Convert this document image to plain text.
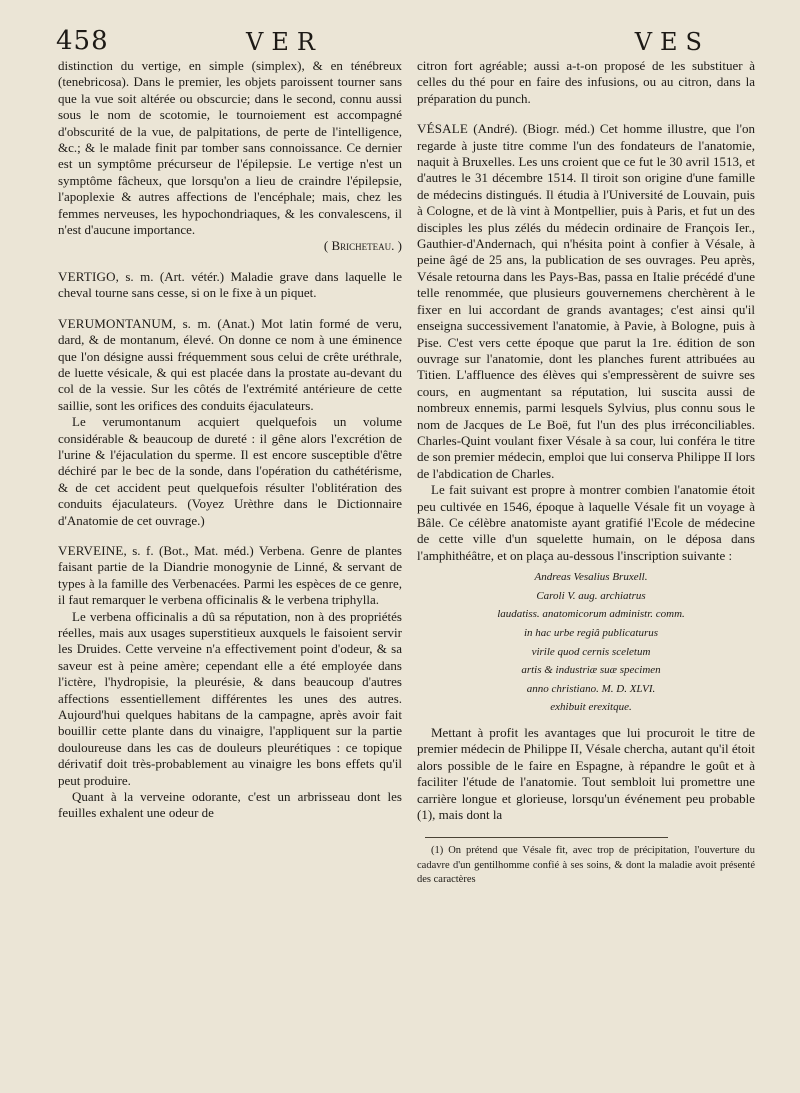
458	VER	VES

distinction du vertige, en simple (simplex), & en ténébreux (tenebricosa). Dans le premier, les objets paroissent tourner sans que la vue soit altérée ou obscurcie; dans le second, connu aussi sous le nom de scotomie, le tournoiement est accompagné d'obscurité de la vue, de palpitations, de perte de l'intelligence, &c.; & le malade finit par tomber sans connoissance. Ce dernier est un symptôme précurseur de l'épilepsie. Le vertige n'est un symptôme fâcheux, que lorsqu'on a lieu de craindre l'épilepsie, l'apoplexie & autres affections de l'encéphale; mais, chez les femmes nerveuses, les hypochondriaques, & les convalescens, il n'est d'aucune importance.

( Bricheteau. )

VERTIGO, s. m. (Art. vétér.) Maladie grave dans laquelle le cheval tourne sans cesse, si on le fixe à un piquet.

VERUMONTANUM, s. m. (Anat.) Mot latin formé de veru, dard, & de montanum, élevé. On donne ce nom à une éminence que l'on désigne aussi fréquemment sous celui de crête uréthrale, de luette vésicale, & qui est placée dans la prostate au-devant du col de la vessie. Sur les côtés de l'extrémité antérieure de cette saillie, sont les orifices des conduits éjaculateurs.

Le verumontanum acquiert quelquefois un volume considérable & beaucoup de dureté : il gêne alors l'excrétion de l'urine & l'éjaculation du sperme. Il est encore susceptible d'être déchiré par le bec de la sonde, dans l'opération du cathétérisme, & de cet accident peut quelquefois résulter l'oblitération des conduits éjaculateurs. (Voyez Urèthre dans le Dictionnaire d'Anatomie de cet ouvrage.)

VERVEINE, s. f. (Bot., Mat. méd.) Verbena. Genre de plantes faisant partie de la Diandrie monogynie de Linné, & servant de types à la famille des Verbenacées. Parmi les espèces de ce genre, il faut remarquer le verbena officinalis & le verbena triphylla.

Le verbena officinalis a dû sa réputation, non à des propriétés réelles, mais aux usages superstitieux auxquels le faisoient servir les Druides. Cette verveine n'a effectivement point d'odeur, & sa saveur est à peine amère; cependant elle a été employée dans l'ictère, l'hydropisie, la pleurésie, & dans beaucoup d'autres affections essentiellement différentes les unes des autres. Aujourd'hui quelques habitans de la campagne, après avoir fait bouillir cette plante dans du vinaigre, l'appliquent sur la partie douloureuse dans les cas de douleurs pleurétiques : ce topique dérivatif doit très-probablement au vinaigre les bons effets qu'il peut produire.

Quant à la verveine odorante, c'est un arbrisseau dont les feuilles exhalent une odeur de

citron fort agréable; aussi a-t-on proposé de les substituer à celles du thé pour en faire des infusions, ou au citron, dans la préparation du punch.

VÉSALE (André). (Biogr. méd.) Cet homme illustre, que l'on regarde à juste titre comme l'un des fondateurs de l'anatomie, naquit à Bruxelles. Les uns croient que ce fut le 30 avril 1513, et d'autres le 31 décembre 1514. Il tiroit son origine d'une famille de médecins distingués. Il étudia à l'Université de Louvain, puis à Cologne, et de là vint à Montpellier, puis à Paris, et fut un des disciples les plus zélés du médecin ordinaire de François Ier., Gauthier-d'Andernach, qui n'hésita point à confier à Vésale, à peine âgé de 25 ans, la publication de ses ouvrages. Peu après, Vésale retourna dans les Pays-Bas, passa en Italie précédé d'une telle renommée, que plusieurs gouvernemens cherchèrent à le fixer en lui accordant de grands avantages; c'est ainsi qu'il enseigna successivement l'anatomie, à Pavie, à Bologne, puis à Pise. C'est vers cette époque que parut la 1re. édition de son ouvrage sur l'anatomie, dont les planches furent attribuées au Titien. L'affluence des élèves qui s'empressèrent de suivre ses cours, en augmentant sa réputation, lui suscita aussi de nombreux ennemis, parmi lesquels Sylvius, plus connu sous le nom de Jacques de Le Boë, fut l'un des plus irréconciliables. Charles-Quint voulant fixer Vésale à sa cour, lui conféra le titre de son premier médecin, emploi que lui conserva Philippe II lors de l'abdication de Charles.

Le fait suivant est propre à montrer combien l'anatomie étoit peu cultivée en 1546, époque à laquelle Vésale fit un voyage à Bâle. Ce célèbre anatomiste ayant gratifié l'Ecole de médecine de cette ville d'un squelette humain, on le déposa dans l'amphithéâtre, et on plaça au-dessous l'inscription suivante :

Andreas Vesalius Bruxell.
Caroli V. aug. archiatrus
laudatiss. anatomicorum administr. comm.
in hac urbe regiâ publicaturus
virile quod cernis sceletum
artis & industriæ suæ specimen
anno christiano. M. D. XLVI.
exhibuit erexitque.

Mettant à profit les avantages que lui procuroit le titre de premier médecin de Philippe II, Vésale chercha, autant qu'il étoit alors possible de le faire en Espagne, à répandre le goût et à faciliter l'étude de l'anatomie. Tout sembloit lui promettre une carrière longue et glorieuse, lorsqu'un événement peu probable (1), mais dont la

(1) On prétend que Vésale fit, avec trop de précipitation, l'ouverture du cadavre d'un gentilhomme confié à ses soins, & dont la maladie avoit présenté des caractères
